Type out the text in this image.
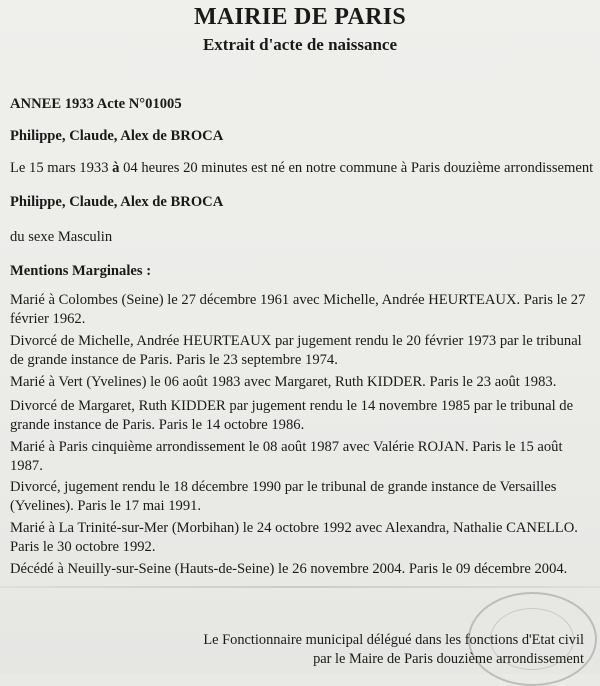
MAIRIE DE PARIS
Extrait d'acte de naissance
ANNEE 1933 Acte N°01005
Philippe, Claude, Alex de BROCA
Le 15 mars 1933 à 04 heures 20 minutes est né en notre commune à Paris douzième arrondissement
Philippe, Claude, Alex de BROCA
du sexe Masculin
Mentions Marginales :
Marié à Colombes (Seine) le 27 décembre 1961 avec Michelle, Andrée HEURTEAUX. Paris le 27
février 1962.
Divorcé de Michelle, Andrée HEURTEAUX par jugement rendu le 20 février 1973 par le tribunal
de grande instance de Paris. Paris le 23 septembre 1974.
Marié à Vert (Yvelines) le 06 août 1983 avec Margaret, Ruth KIDDER. Paris le 23 août 1983.
Divorcé de Margaret, Ruth KIDDER par jugement rendu le 14 novembre 1985 par le tribunal de
grande instance de Paris. Paris le 14 octobre 1986.
Marié à Paris cinquième arrondissement le 08 août 1987 avec Valérie ROJAN. Paris le 15 août
1987.
Divorcé, jugement rendu le 18 décembre 1990 par le tribunal de grande instance de Versailles
(Yvelines). Paris le 17 mai 1991.
Marié à La Trinité-sur-Mer (Morbihan) le 24 octobre 1992 avec Alexandra, Nathalie CANELLO.
Paris le 30 octobre 1992.
Décédé à Neuilly-sur-Seine (Hauts-de-Seine) le 26 novembre 2004. Paris le 09 décembre 2004.
Le Fonctionnaire municipal délégué dans les fonctions d'Etat civil
par le Maire de Paris douzième arrondissement
